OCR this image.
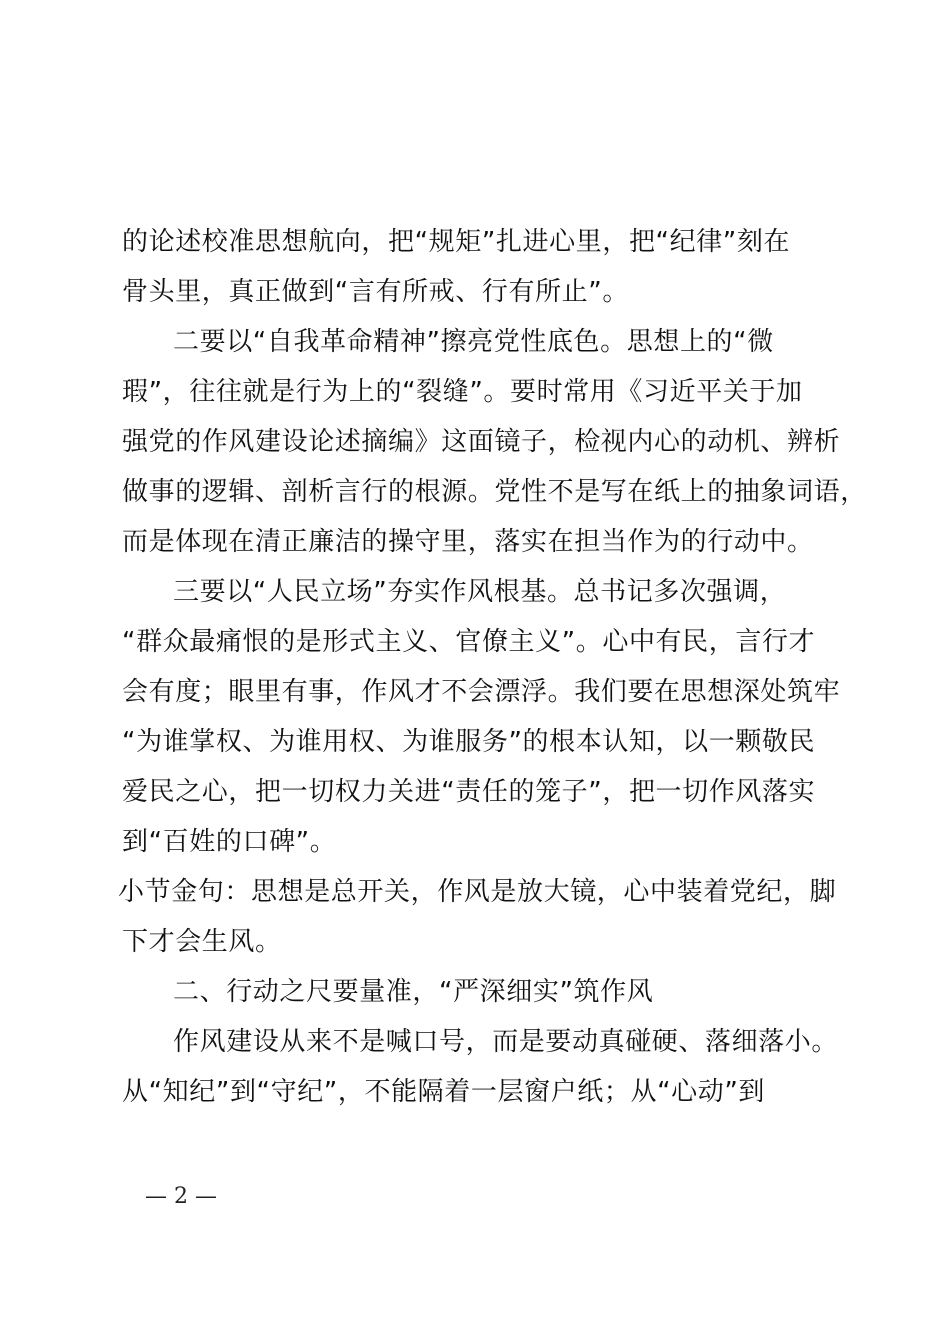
的论述校准思想航向，把“规矩”扎进心里，把“纪律”刻在
骨头里，真正做到“言有所戒、行有所止”。
二要以“自我革命精神”擦亮党性底色。思想上的“微
瑕”，往往就是行为上的“裂缝”。要时常用《习近平关于加
强党的作风建设论述摘编》这面镜子，检视内心的动机、辨析
做事的逻辑、剖析言行的根源。党性不是写在纸上的抽象词语，
而是体现在清正廉洁的操守里，落实在担当作为的行动中。
三要以“人民立场”夯实作风根基。总书记多次强调，
“群众最痛恨的是形式主义、官僚主义”。心中有民，言行才
会有度；眼里有事，作风才不会漂浮。我们要在思想深处筑牢
“为谁掌权、为谁用权、为谁服务”的根本认知，以一颗敬民
爱民之心，把一切权力关进“责任的笼子”，把一切作风落实
到“百姓的口碑”。
小节金句：思想是总开关，作风是放大镜，心中装着党纪，脚
下才会生风。
二、行动之尺要量准，“严深细实”筑作风
作风建设从来不是喊口号，而是要动真碰硬、落细落小。
从“知纪”到“守纪”，不能隔着一层窗户纸；从“心动”到
— 2 —
